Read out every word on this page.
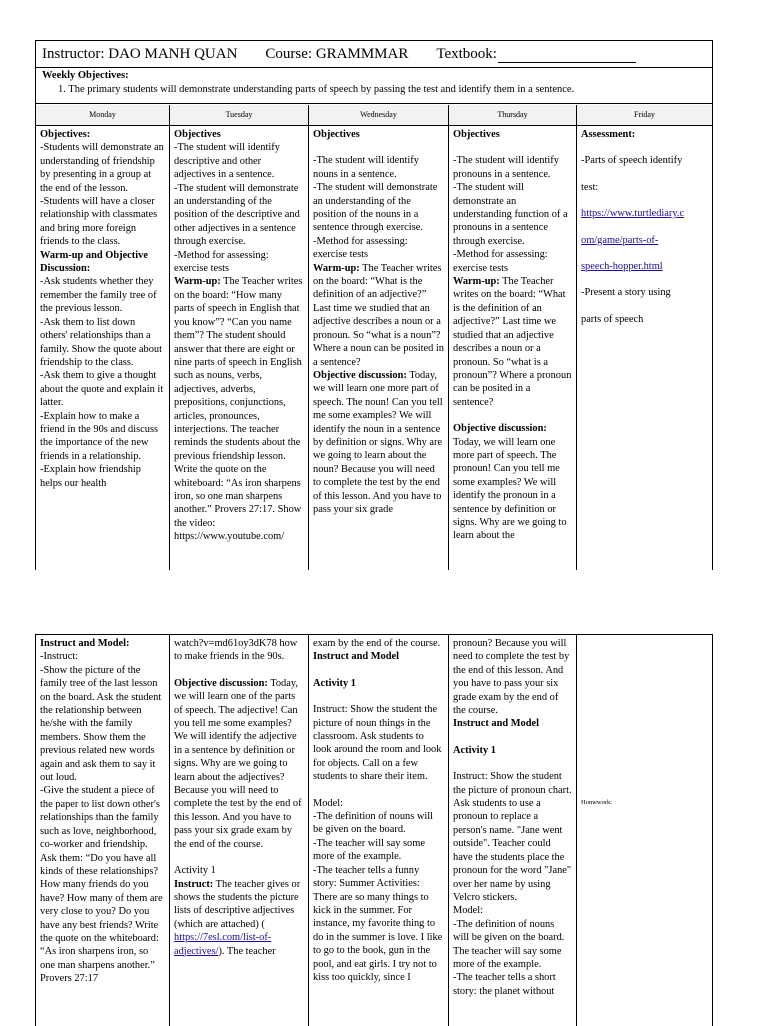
Instructor: DAO MANH QUAN Course: GRAMMMAR Textbook:
Weekly Objectives:
1. The primary students will demonstrate understanding parts of speech by passing the test and identify them in a sentence.
Monday

Objectives:

-Students will demonstrate an understanding of friendship by presenting in a group at the end of the lesson.

-Students will have a closer relationship with classmates and bring more foreign friends to the class.

Warm-up and Objective Discussion:

-Ask students whether they remember the family tree of the previous lesson.

-Ask them to list down others' relationships than a family. Show the quote about friendship to the class.

-Ask them to give a thought about the quote and explain it latter.

-Explain how to make a friend in the 90s and discuss the importance of the new friends in a relationship.

-Explain how friendship helps our health

Tuesday

Objectives

-The student will identify descriptive and other adjectives in a sentence.

-The student will demonstrate an understanding of the position of the descriptive and other adjectives in a sentence through exercise.

-Method for assessing: exercise tests

Warm-up: The Teacher writes on the board: “How many parts of speech in English that you know”? “Can you name them”? The student should answer that there are eight or nine parts of speech in English such as nouns, verbs, adjectives, adverbs, prepositions, conjunctions, articles, pronounces, interjections. The teacher reminds the students about the previous friendship lesson. Write the quote on the whiteboard: “As iron sharpens iron, so one man sharpens another.” Provers 27:17. Show the video: https://www.youtube.com/

Wednesday

Objectives

-The student will identify nouns in a sentence.

-The student will demonstrate an understanding of the position of the nouns in a sentence through exercise.

-Method for assessing: exercise tests

Warm-up: The Teacher writes on the board: “What is the definition of an adjective?” Last time we studied that an adjective describes a noun or a pronoun. So “what is a noun”? Where a noun can be posited in a sentence?

Objective discussion: Today, we will learn one more part of speech. The noun! Can you tell me some examples? We will identify the noun in a sentence by definition or signs. Why are we going to learn about the noun? Because you will need to complete the test by the end of this lesson. And you have to pass your six grade

Thursday

Objectives

-The student will identify pronouns in a sentence.

-The student will demonstrate an understanding function of a pronouns in a sentence through exercise.

-Method for assessing: exercise tests

Warm-up: The Teacher writes on the board: “What is the definition of an adjective?” Last time we studied that an adjective describes a noun or a pronoun. So “what is a pronoun”? Where a pronoun can be posited in a sentence?

Objective discussion: Today, we will learn one more part of speech. The pronoun! Can you tell me some examples? We will identify the pronoun in a sentence by definition or signs. Why are we going to learn about the

Friday

Assessment:

-Parts of speech identify

test:

https://www.turtlediary.c

om/game/parts-of-

speech-hopper.html

-Present a story using

parts of speech

Instruct and Model:

-Instruct:

-Show the picture of the family tree of the last lesson on the board. Ask the student the relationship between he/she with the family members. Show them the previous related new words again and ask them to say it out loud.

-Give the student a piece of the paper to list down other's relationships than the family such as love, neighborhood, co-worker and friendship. Ask them: “Do you have all kinds of these relationships? How many friends do you have? How many of them are very close to you? Do you have any best friends? Write the quote on the whiteboard: “As iron sharpens iron, so one man sharpens another.” Provers 27:17

watch?v=md61oy3dK78 how to make friends in the 90s.

Objective discussion: Today, we will learn one of the parts of speech. The adjective! Can you tell me some examples? We will identify the adjective in a sentence by definition or signs. Why are we going to learn about the adjectives? Because you will need to complete the test by the end of this lesson. And you have to pass your six grade exam by the end of the course.

Activity 1

Instruct: The teacher gives or shows the students the picture lists of descriptive adjectives (which are attached) ( https://7esl.com/list-of-adjectives/). The teacher

exam by the end of the course.

Instruct and Model

Activity 1

Instruct: Show the student the picture of noun things in the classroom. Ask students to look around the room and look for objects. Call on a few students to share their item.

Model:

-The definition of nouns will be given on the board.

-The teacher will say some more of the example.

-The teacher tells a funny story: Summer Activities: There are so many things to kick in the summer. For instance, my favorite thing to do in the summer is love. I like to go to the book, gun in the pool, and eat girls. I try not to kiss too quickly, since I

pronoun? Because you will need to complete the test by the end of this lesson. And you have to pass your six grade exam by the end of the course.

Instruct and Model

Activity 1

Instruct: Show the student the picture of pronoun chart. Ask students to use a pronoun to replace a person's name. "Jane went outside". Teacher could have the students place the pronoun for the word "Jane" over her name by using Velcro stickers.

Model:

-The definition of nouns will be given on the board. The teacher will say some more of the example.

-The teacher tells a short story: the planet without

Homework:
